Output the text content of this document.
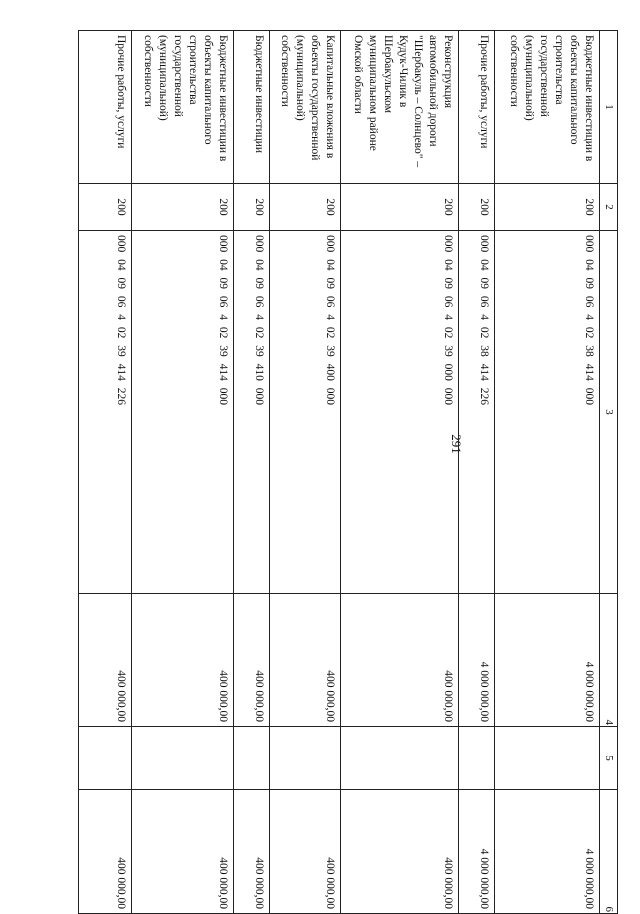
291
1	2	3	4	5	6
Бюджетные инвестиции в объекты капитального строительства государственной (муниципальной) собственности	200	000 04 09 06 4 02 38 414 000	4 000 000,00		4 000 000,00
Прочие работы, услуги	200	000 04 09 06 4 02 38 414 226	4 000 000,00		4 000 000,00
Реконструкция автомобильной дороги "Шербакуль – Солнцево" – Кудук-Чилик в Шербакульском муниципальном районе Омской области	200	000 04 09 06 4 02 39 000 000	400 000,00		400 000,00
Капитальные вложения в объекты государственной (муниципальной) собственности	200	000 04 09 06 4 02 39 400 000	400 000,00		400 000,00
Бюджетные инвестиции	200	000 04 09 06 4 02 39 410 000	400 000,00		400 000,00
Бюджетные инвестиции в объекты капитального строительства государственной (муниципальной) собственности	200	000 04 09 06 4 02 39 414 000	400 000,00		400 000,00
Прочие работы, услуги	200	000 04 09 06 4 02 39 414 226	400 000,00		400 000,00
